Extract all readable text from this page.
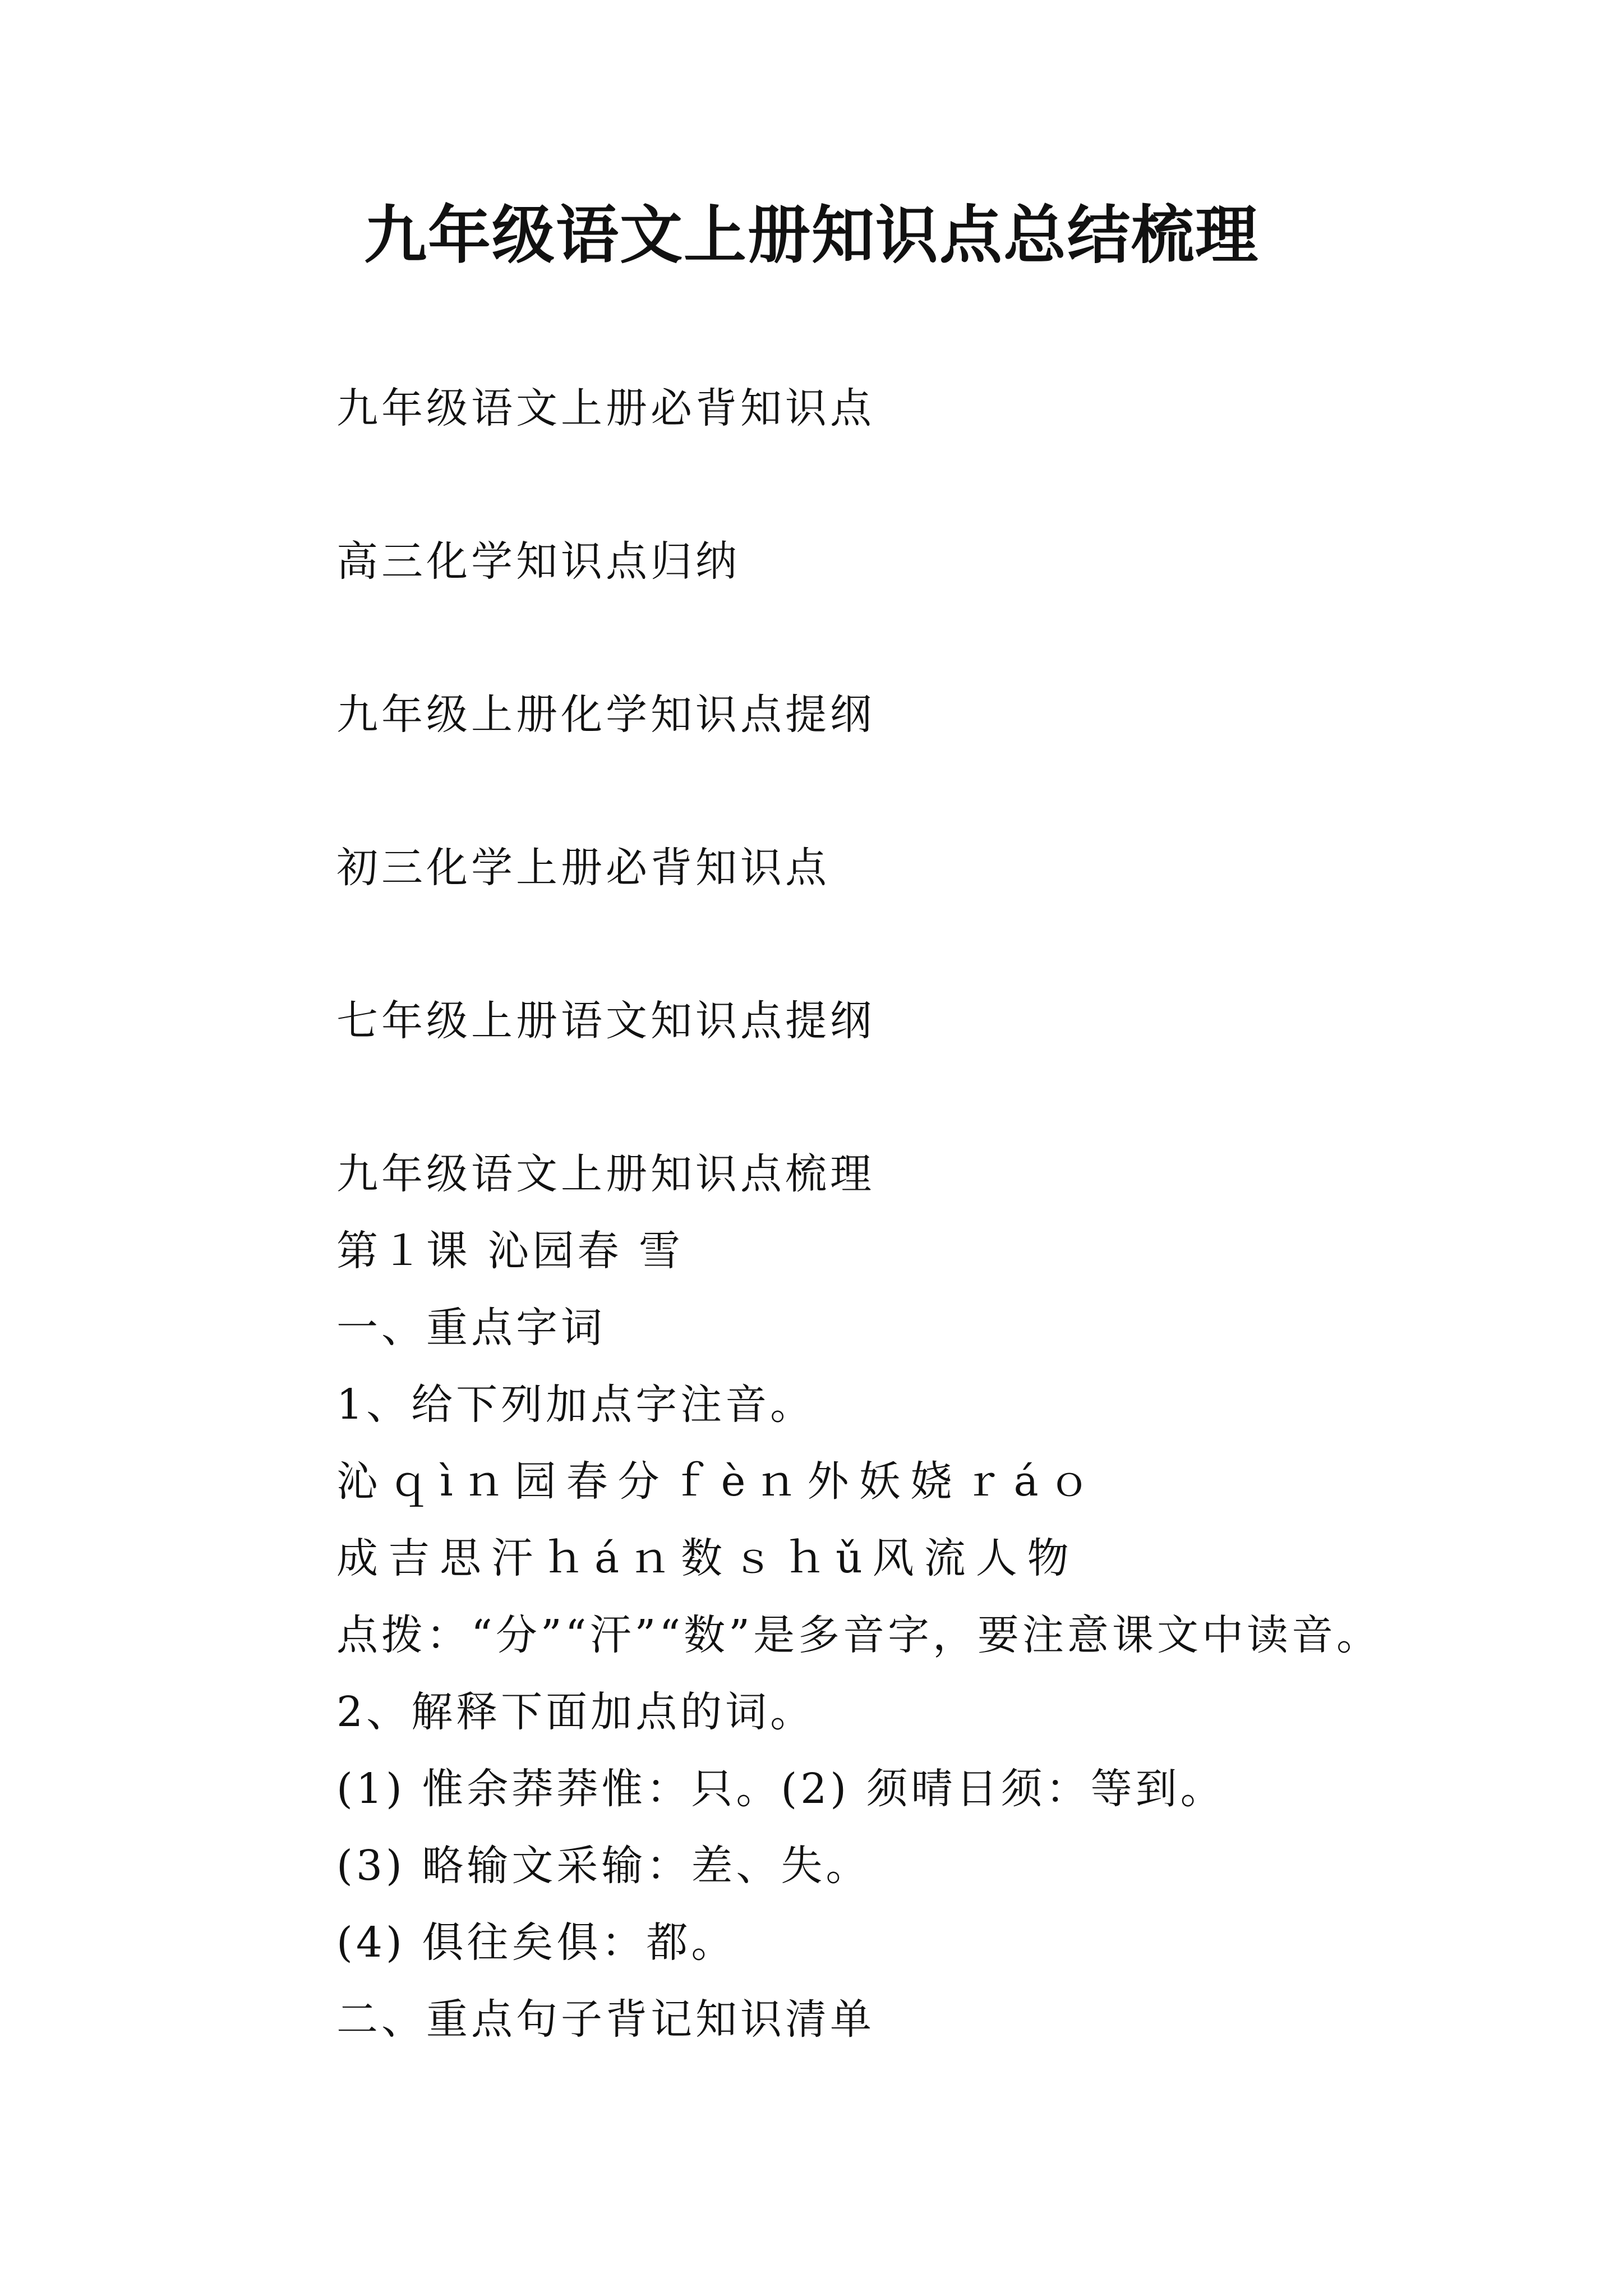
九年级语文上册知识点总结梳理
九年级语文上册必背知识点
高三化学知识点归纳
九年级上册化学知识点提纲
初三化学上册必背知识点
七年级上册语文知识点提纲
九年级语文上册知识点梳理
第１课 沁园春 雪
一、重点字词
1、给下列加点字注音。
沁ｑìｎ园春分ｆèｎ外妖娆ｒáｏ
成吉思汗ｈáｎ数ｓｈǔ风流人物
点拨：“分”“汗”“数”是多音字，要注意课文中读音。
2、解释下面加点的词。
(1) 惟余莽莽惟：只。(2) 须晴日须：等到。
(3) 略输文采输：差、失。
(4) 俱往矣俱：都。
二、重点句子背记知识清单
